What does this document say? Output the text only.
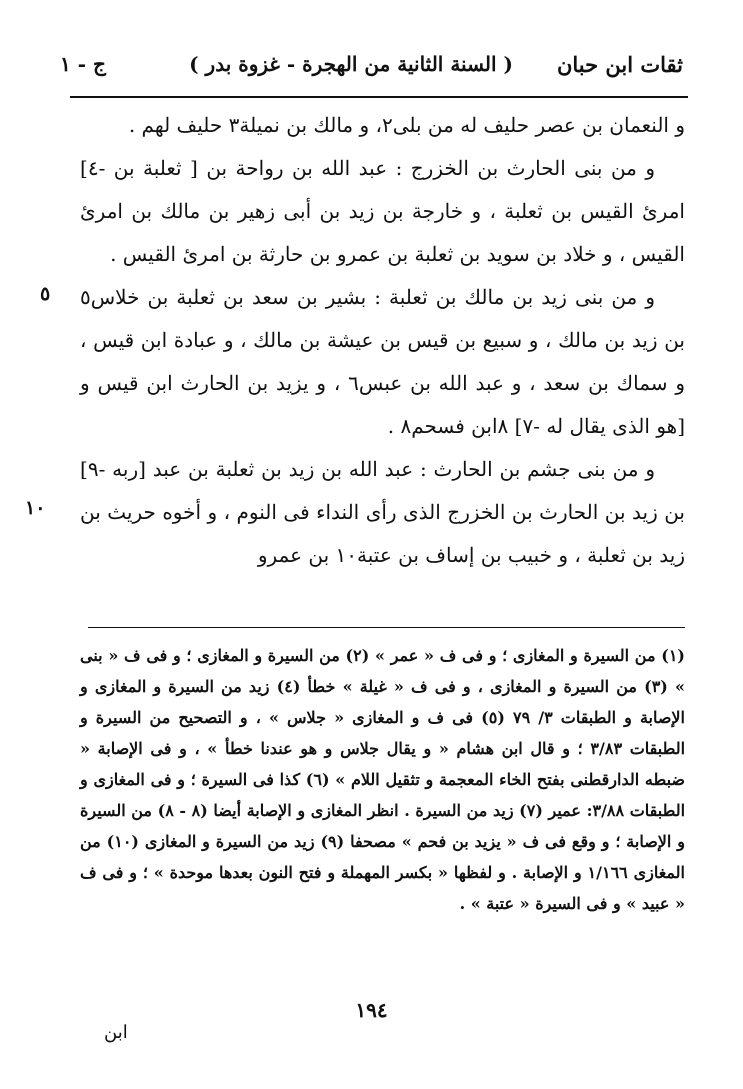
ثقات ابن حبان
( السنة الثانية من الهجرة - غزوة بدر )
ج - ١

و النعمان بن عصر حليف له من بلى٢، و مالك بن نميلة٣ حليف لهم .

و من بنى الحارث بن الخزرج : عبد الله بن رواحة بن [ ثعلبة بن -٤] امرئ القيس بن ثعلبة ، و خارجة بن زيد بن أبى زهير بن مالك بن امرئ القيس ، و خلاد بن سويد بن ثعلبة بن عمرو بن حارثة بن امرئ القيس .

و من بنى زيد بن مالك بن ثعلبة : بشير بن سعد بن ثعلبة بن خلاس٥ بن زيد بن مالك ، و سبيع بن قيس بن عيشة بن مالك ، و عبادة ابن قيس ، و سماك بن سعد ، و عبد الله بن عبس٦ ، و يزيد بن الحارث ابن قيس و [هو الذى يقال له -٧] ٨ابن فسحم٨ .

و من بنى جشم بن الحارث : عبد الله بن زيد بن ثعلبة بن عبد [ربه -٩] بن زيد بن الحارث بن الخزرج الذى رأى النداء فى النوم ، و أخوه حريث بن زيد بن ثعلبة ، و خبيب بن إساف بن عتبة١٠ بن عمرو

٥
١٠

(١) من السيرة و المغازى ؛ و فى ف « عمر » (٢) من السيرة و المغازى ؛ و فى ف « بنى » (٣) من السيرة و المغازى ، و فى ف « غيلة » خطأ (٤) زيد من السيرة و المغازى و الإصابة و الطبقات ٣/ ٧٩ (٥) فى ف و المغازى « جلاس » ، و التصحيح من السيرة و الطبقات ٣/٨٣ ؛ و قال ابن هشام « و يقال جلاس و هو عندنا خطأ » ، و فى الإصابة « ضبطه الدارقطنى بفتح الخاء المعجمة و تثقيل اللام » (٦) كذا فى السيرة ؛ و فى المغازى و الطبقات ٣/٨٨: عمير (٧) زيد من السيرة . انظر المغازى و الإصابة أيضا (٨ - ٨) من السيرة و الإصابة ؛ و وقع فى ف « يزيد بن فحم » مصحفا (٩) زيد من السيرة و المغازى (١٠) من المغازى ١/١٦٦ و الإصابة . و لفظها « بكسر المهملة و فتح النون بعدها موحدة » ؛ و فى ف « عبيد » و فى السيرة « عتبة » .

١٩٤
ابن
